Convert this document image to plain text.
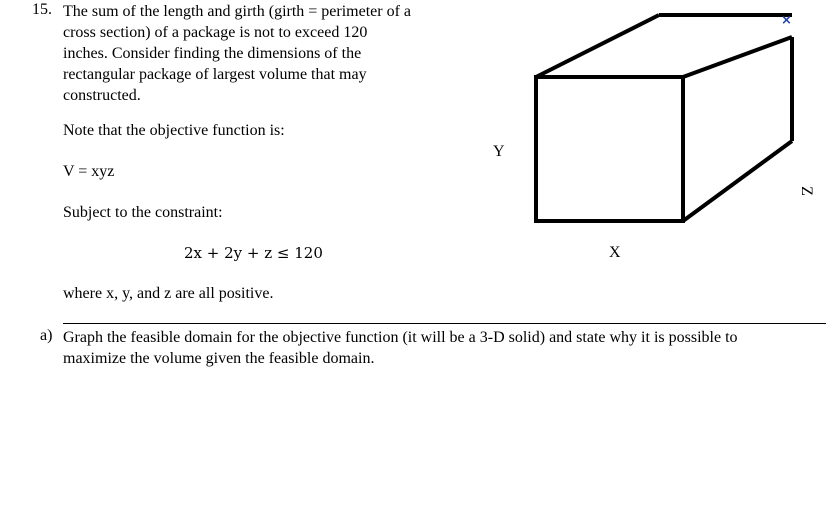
15. The sum of the length and girth (girth = perimeter of a
cross section) of a package is not to exceed 120
inches. Consider finding the dimensions of the
rectangular package of largest volume that may
constructed.
Note that the objective function is:
V = xyz
Subject to the constraint:
2x + 2y + z ≤ 120
where x, y, and z are all positive.
×
Y
X
Z
a) Graph the feasible domain for the objective function (it will be a 3-D solid) and state why it is possible to
maximize the volume given the feasible domain.
